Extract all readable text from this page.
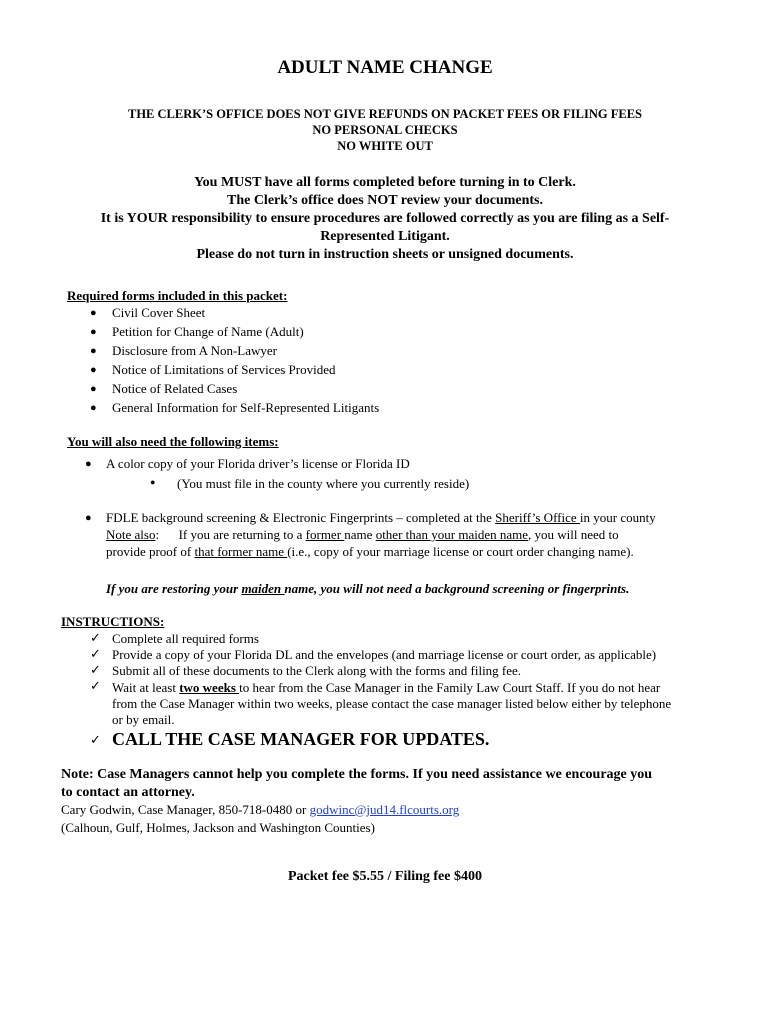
ADULT NAME CHANGE
THE CLERK’S OFFICE DOES NOT GIVE REFUNDS ON PACKET FEES OR FILING FEES
NO PERSONAL CHECKS
NO WHITE OUT
You MUST have all forms completed before turning in to Clerk.
The Clerk’s office does NOT review your documents.
It is YOUR responsibility to ensure procedures are followed correctly as you are filing as a Self-
Represented Litigant.
Please do not turn in instruction sheets or unsigned documents.
Required forms included in this packet:
● Civil Cover Sheet
● Petition for Change of Name (Adult)
● Disclosure from A Non-Lawyer
● Notice of Limitations of Services Provided
● Notice of Related Cases
● General Information for Self-Represented Litigants
You will also need the following items:
● A color copy of your Florida driver’s license or Florida ID
● (You must file in the county where you currently reside)
● FDLE background screening & Electronic Fingerprints – completed at the Sheriff’s Office in your county
Note also:      If you are returning to a former name other than your maiden name, you will need to
provide proof of that former name (i.e., copy of your marriage license or court order changing name).
If you are restoring your maiden name, you will not need a background screening or fingerprints.
INSTRUCTIONS:
✓ Complete all required forms
✓ Provide a copy of your Florida DL and the envelopes (and marriage license or court order, as applicable)
✓ Submit all of these documents to the Clerk along with the forms and filing fee.
✓ Wait at least two weeks to hear from the Case Manager in the Family Law Court Staff. If you do not hear
from the Case Manager within two weeks, please contact the case manager listed below either by telephone
or by email.
✓ CALL THE CASE MANAGER FOR UPDATES.
Note: Case Managers cannot help you complete the forms. If you need assistance we encourage you
to contact an attorney.
Cary Godwin, Case Manager, 850-718-0480 or godwinc@jud14.flcourts.org
(Calhoun, Gulf, Holmes, Jackson and Washington Counties)
Packet fee $5.55 / Filing fee $400
